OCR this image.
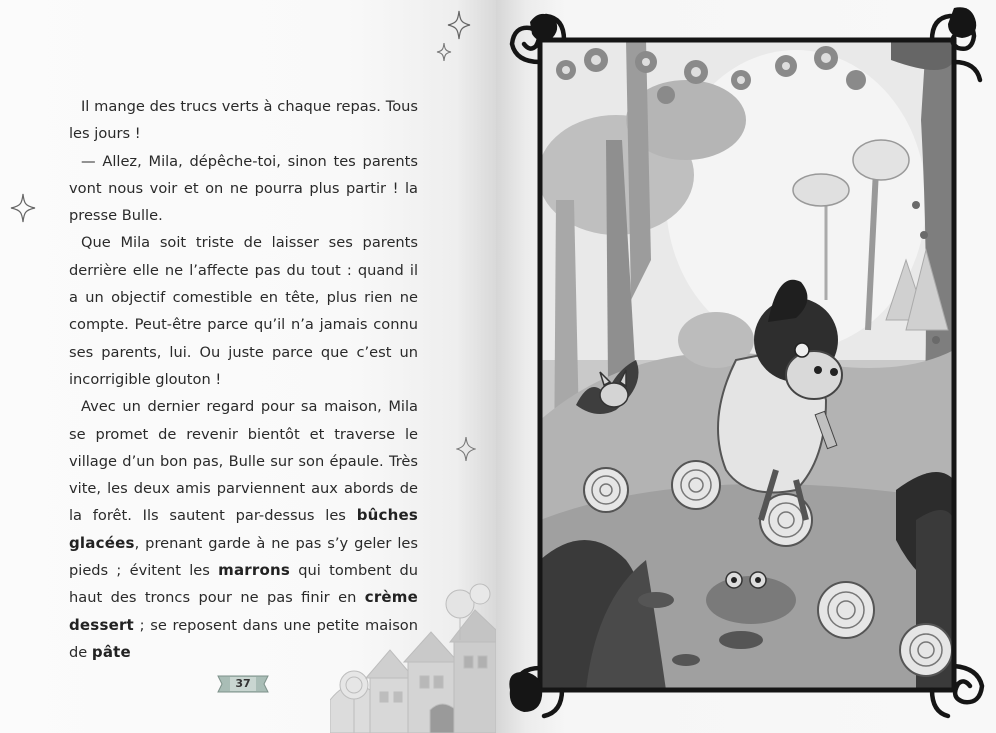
Il mange des trucs verts à chaque repas. Tous les jours !

— Allez, Mila, dépêche-toi, sinon tes parents vont nous voir et on ne pourra plus partir ! la presse Bulle.

Que Mila soit triste de laisser ses parents derrière elle ne l’affecte pas du tout : quand il a un objectif comestible en tête, plus rien ne compte. Peut-être parce qu’il n’a jamais connu ses parents, lui. Ou juste parce que c’est un incorrigible glouton !

Avec un dernier regard pour sa maison, Mila se promet de revenir bientôt et traverse le village d’un bon pas, Bulle sur son épaule. Très vite, les deux amis parviennent aux abords de la forêt. Ils sautent par-dessus les bûches glacées, prenant garde à ne pas s’y geler les pieds ; évitent les marrons qui tombent du haut des troncs pour ne pas finir en crème dessert ; se reposent dans une petite maison de pâte

37
